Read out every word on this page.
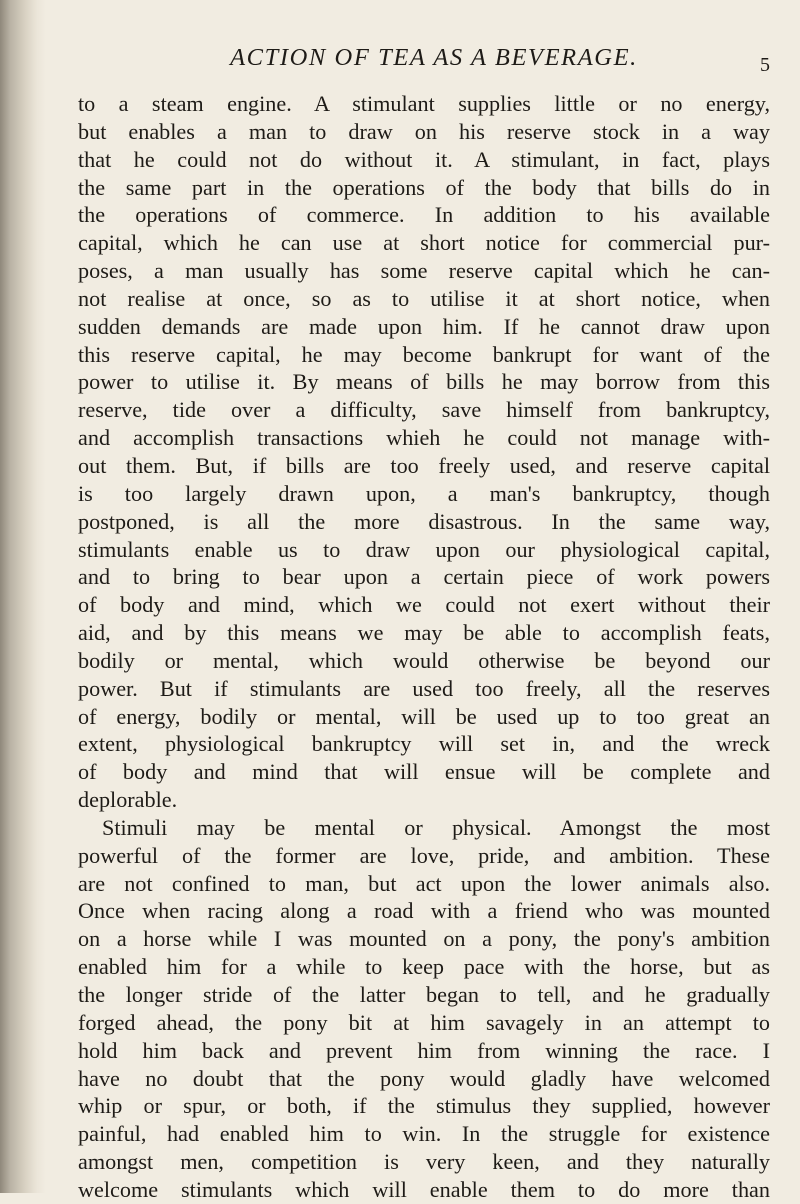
ACTION OF TEA AS A BEVERAGE.	5
to a steam engine. A stimulant supplies little or no energy,
but enables a man to draw on his reserve stock in a way
that he could not do without it. A stimulant, in fact, plays
the same part in the operations of the body that bills do in
the operations of commerce. In addition to his available
capital, which he can use at short notice for commercial pur-
poses, a man usually has some reserve capital which he can-
not realise at once, so as to utilise it at short notice, when
sudden demands are made upon him. If he cannot draw upon
this reserve capital, he may become bankrupt for want of the
power to utilise it. By means of bills he may borrow from this
reserve, tide over a difficulty, save himself from bankruptcy,
and accomplish transactions whieh he could not manage with-
out them. But, if bills are too freely used, and reserve capital
is too largely drawn upon, a man's bankruptcy, though
postponed, is all the more disastrous. In the same way,
stimulants enable us to draw upon our physiological capital,
and to bring to bear upon a certain piece of work powers
of body and mind, which we could not exert without their
aid, and by this means we may be able to accomplish feats,
bodily or mental, which would otherwise be beyond our
power. But if stimulants are used too freely, all the reserves
of energy, bodily or mental, will be used up to too great an
extent, physiological bankruptcy will set in, and the wreck
of body and mind that will ensue will be complete and
deplorable.
Stimuli may be mental or physical. Amongst the most
powerful of the former are love, pride, and ambition. These
are not confined to man, but act upon the lower animals also.
Once when racing along a road with a friend who was mounted
on a horse while I was mounted on a pony, the pony's ambition
enabled him for a while to keep pace with the horse, but as
the longer stride of the latter began to tell, and he gradually
forged ahead, the pony bit at him savagely in an attempt to
hold him back and prevent him from winning the race. I
have no doubt that the pony would gladly have welcomed
whip or spur, or both, if the stimulus they supplied, however
painful, had enabled him to win. In the struggle for existence
amongst men, competition is very keen, and they naturally
welcome stimulants which will enable them to do more than
